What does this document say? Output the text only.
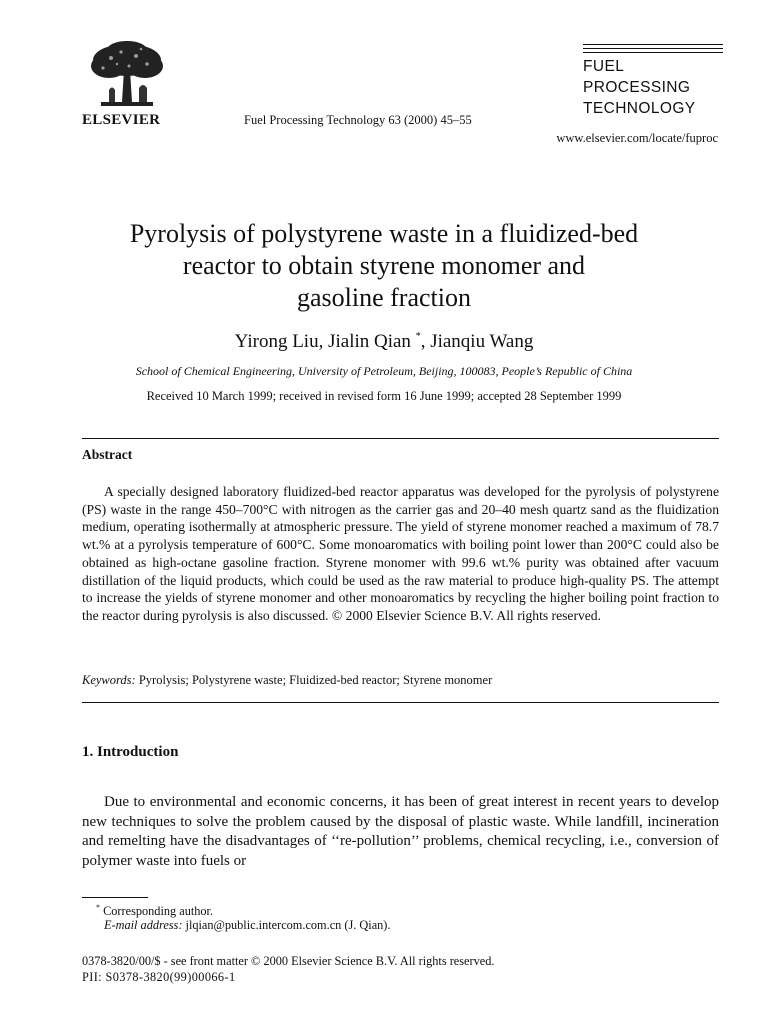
ELSEVIER	Fuel Processing Technology 63 (2000) 45–55
FUEL
PROCESSING
TECHNOLOGY
www.elsevier.com/locate/fuproc
Pyrolysis of polystyrene waste in a fluidized-bed
reactor to obtain styrene monomer and
gasoline fraction
Yirong Liu, Jialin Qian *, Jianqiu Wang
School of Chemical Engineering, University of Petroleum, Beijing, 100083, People’s Republic of China
Received 10 March 1999; received in revised form 16 June 1999; accepted 28 September 1999
Abstract
A specially designed laboratory fluidized-bed reactor apparatus was developed for the pyrolysis of polystyrene (PS) waste in the range 450–700°C with nitrogen as the carrier gas and 20–40 mesh quartz sand as the fluidization medium, operating isothermally at atmospheric pressure. The yield of styrene monomer reached a maximum of 78.7 wt.% at a pyrolysis temperature of 600°C. Some monoaromatics with boiling point lower than 200°C could also be obtained as high-octane gasoline fraction. Styrene monomer with 99.6 wt.% purity was obtained after vacuum distillation of the liquid products, which could be used as the raw material to produce high-quality PS. The attempt to increase the yields of styrene monomer and other monoaromatics by recycling the higher boiling point fraction to the reactor during pyrolysis is also discussed. © 2000 Elsevier Science B.V. All rights reserved.
Keywords: Pyrolysis; Polystyrene waste; Fluidized-bed reactor; Styrene monomer
1. Introduction
Due to environmental and economic concerns, it has been of great interest in recent years to develop new techniques to solve the problem caused by the disposal of plastic waste. While landfill, incineration and remelting have the disadvantages of ‘‘re-pollution’’ problems, chemical recycling, i.e., conversion of polymer waste into fuels or
* Corresponding author.
E-mail address: jlqian@public.intercom.com.cn (J. Qian).
0378-3820/00/$ - see front matter © 2000 Elsevier Science B.V. All rights reserved.
PII: S0378-3820(99)00066-1
